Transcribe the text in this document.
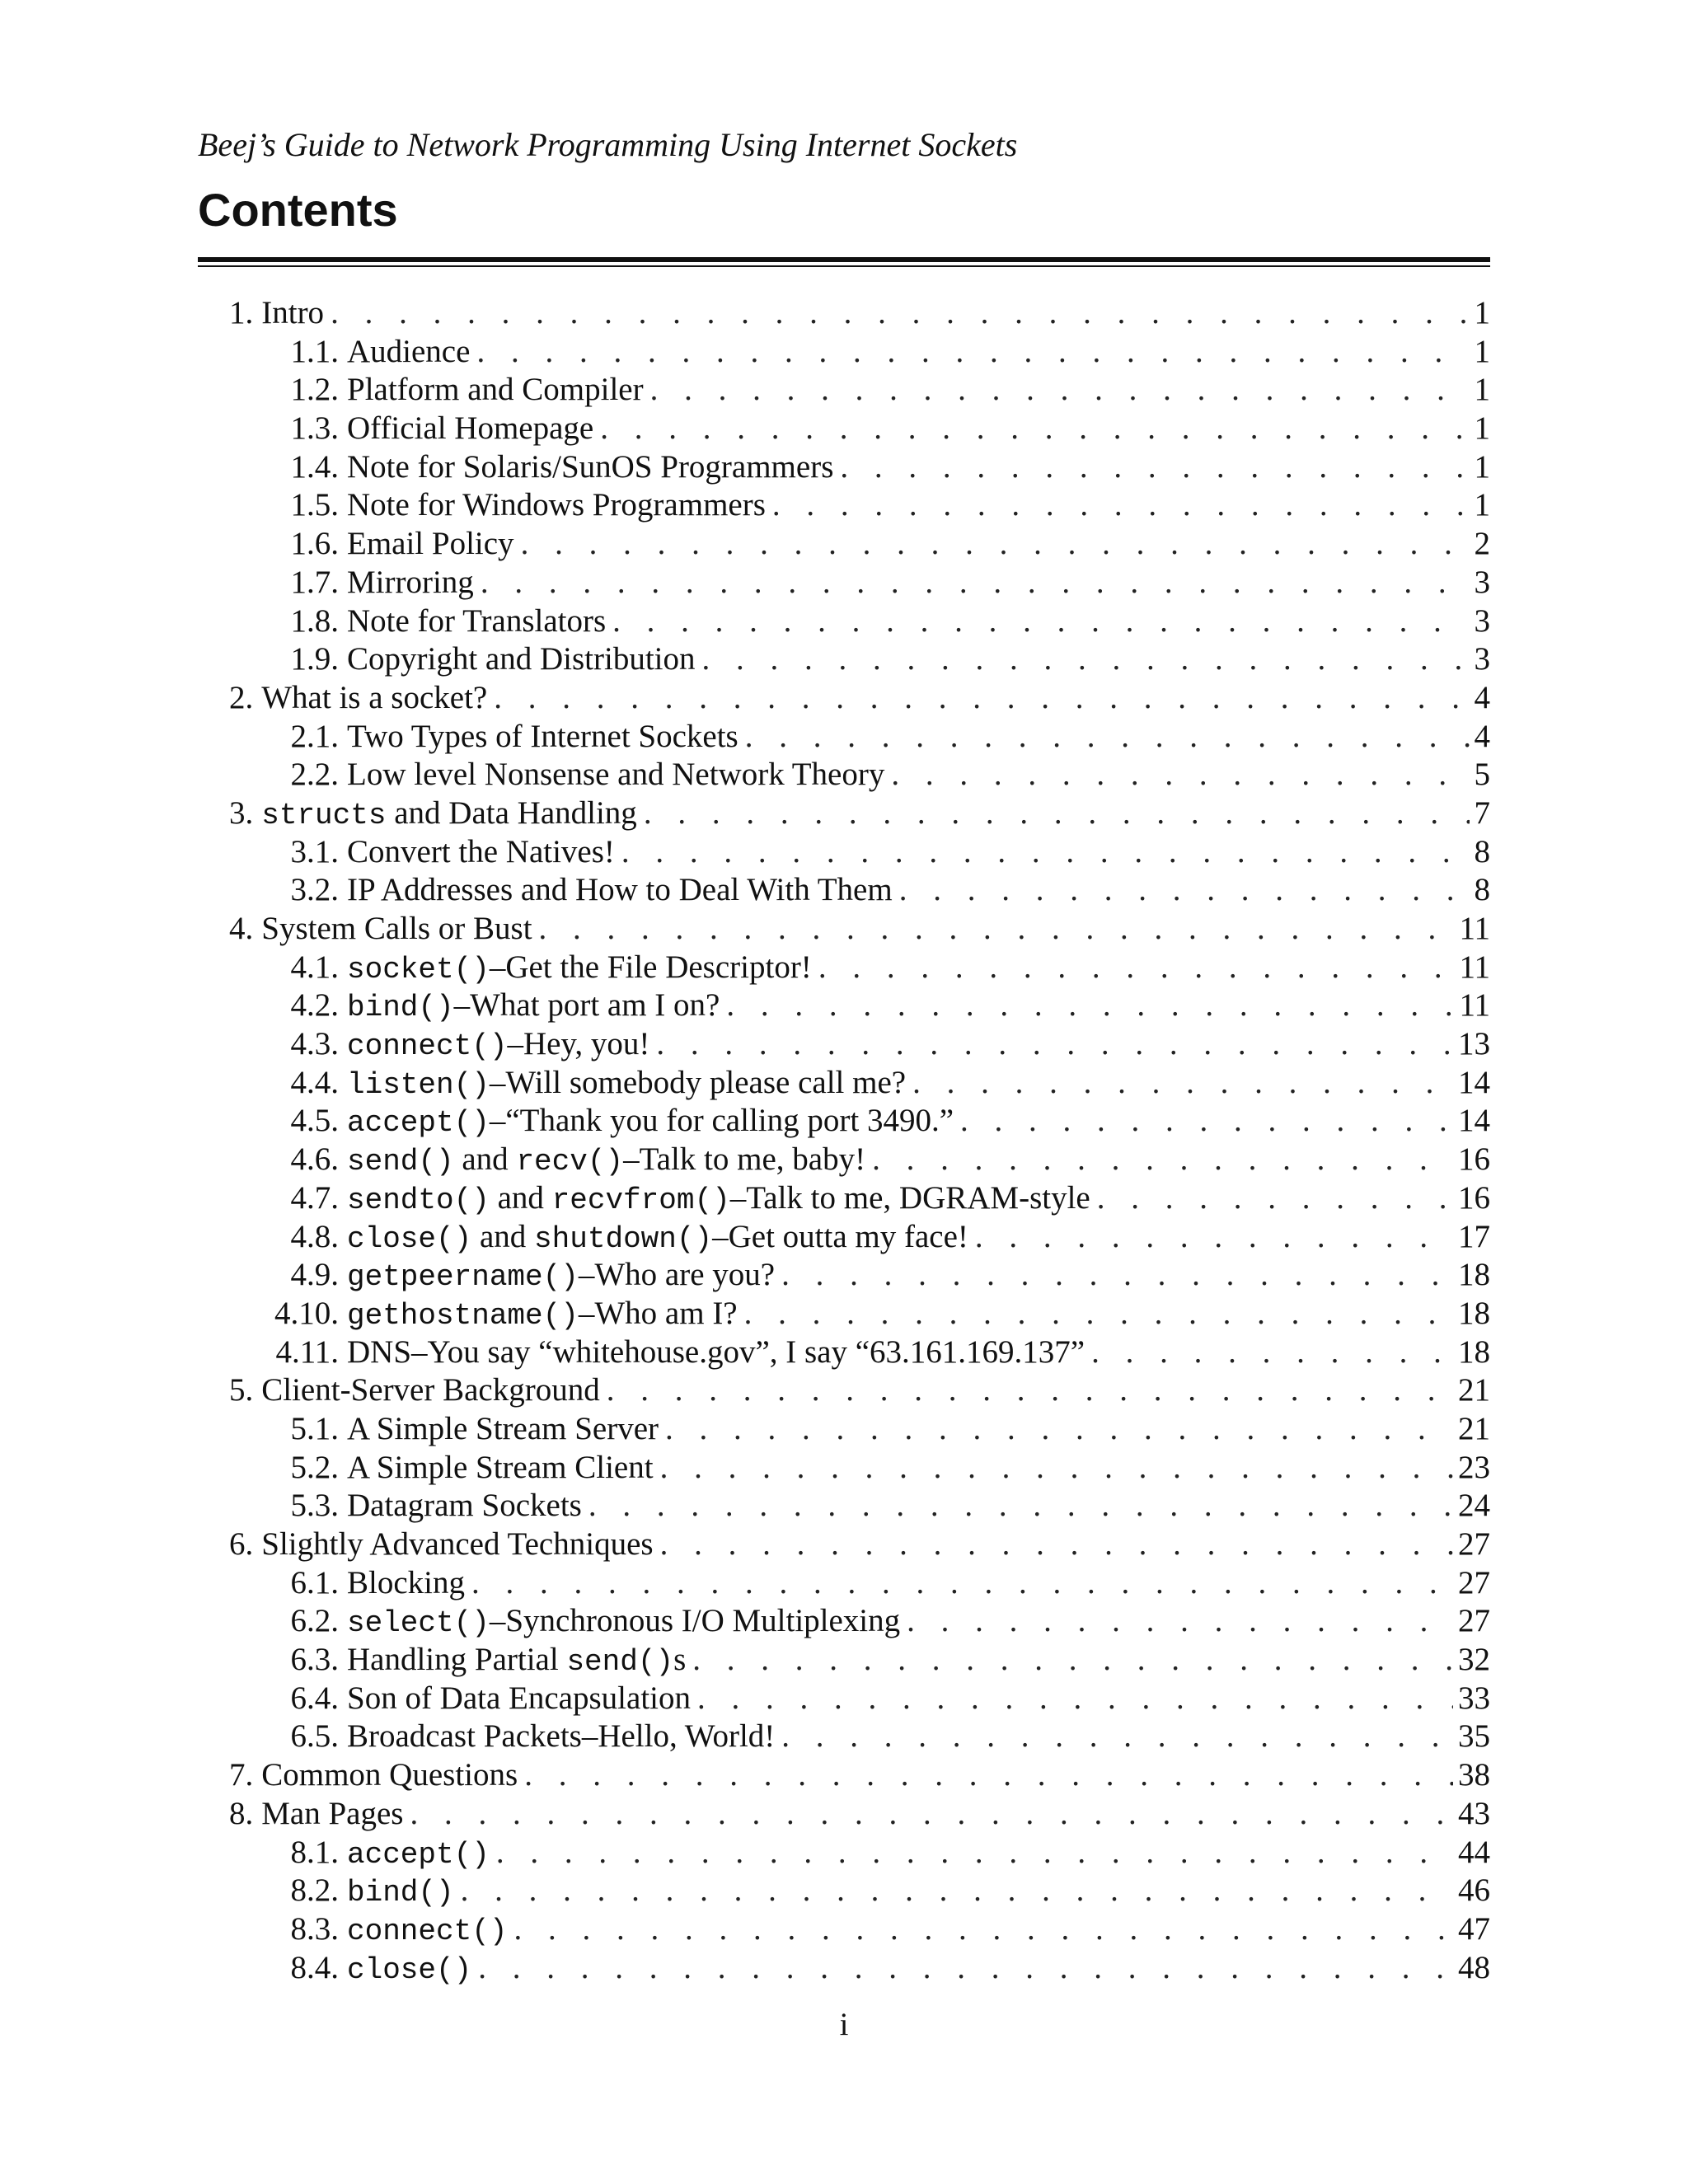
Beej’s Guide to Network Programming Using Internet Sockets
Contents
1. Intro . . .	1
1.1. Audience . . .	1
1.2. Platform and Compiler . . .	1
1.3. Official Homepage . . .	1
1.4. Note for Solaris/SunOS Programmers . . .	1
1.5. Note for Windows Programmers . . .	1
1.6. Email Policy . . .	2
1.7. Mirroring . . .	3
1.8. Note for Translators . . .	3
1.9. Copyright and Distribution . . .	3
2. What is a socket? . . .	4
2.1. Two Types of Internet Sockets . . .	4
2.2. Low level Nonsense and Network Theory . . .	5
3. structs and Data Handling . . .	7
3.1. Convert the Natives! . . .	8
3.2. IP Addresses and How to Deal With Them . . .	8
4. System Calls or Bust . . .	11
4.1. socket()–Get the File Descriptor! . . .	11
4.2. bind()–What port am I on? . . .	11
4.3. connect()–Hey, you! . . .	13
4.4. listen()–Will somebody please call me? . . .	14
4.5. accept()–“Thank you for calling port 3490.” . . .	14
4.6. send() and recv()–Talk to me, baby! . . .	16
4.7. sendto() and recvfrom()–Talk to me, DGRAM-style . . .	16
4.8. close() and shutdown()–Get outta my face! . . .	17
4.9. getpeername()–Who are you? . . .	18
4.10. gethostname()–Who am I? . . .	18
4.11. DNS–You say “whitehouse.gov”, I say “63.161.169.137” . . .	18
5. Client-Server Background . . .	21
5.1. A Simple Stream Server . . .	21
5.2. A Simple Stream Client . . .	23
5.3. Datagram Sockets . . .	24
6. Slightly Advanced Techniques . . .	27
6.1. Blocking . . .	27
6.2. select()–Synchronous I/O Multiplexing . . .	27
6.3. Handling Partial send()s . . .	32
6.4. Son of Data Encapsulation . . .	33
6.5. Broadcast Packets–Hello, World! . . .	35
7. Common Questions . . .	38
8. Man Pages . . .	43
8.1. accept() . . .	44
8.2. bind() . . .	46
8.3. connect() . . .	47
8.4. close() . . .	48
i
